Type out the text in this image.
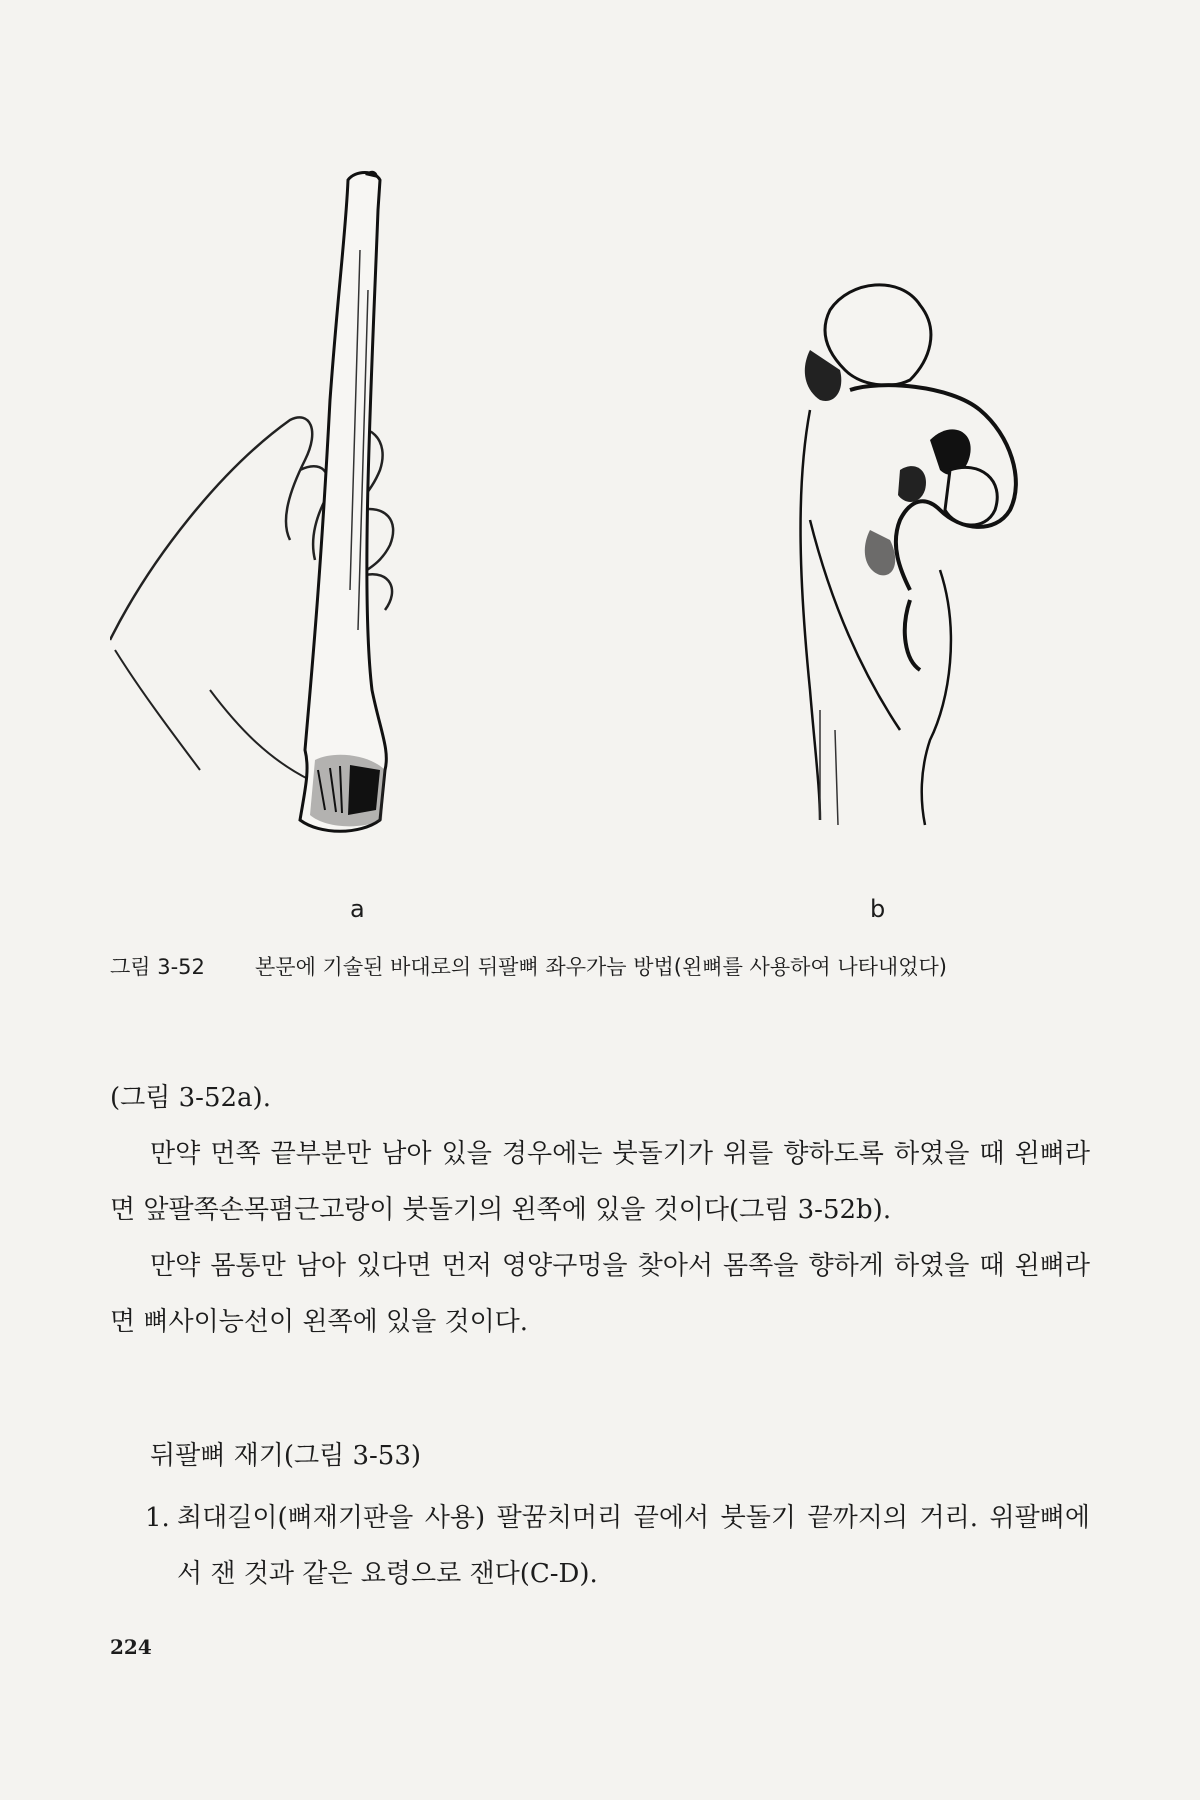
a	b
그림 3-52	본문에 기술된 바대로의 뒤팔뼈 좌우가늠 방법(왼뼈를 사용하여 나타내었다)

(그림 3-52a).

만약 먼쪽 끝부분만 남아 있을 경우에는 붓돌기가 위를 향하도록 하였을 때 왼뼈라면 앞팔쪽손목폄근고랑이 붓돌기의 왼쪽에 있을 것이다(그림 3-52b).

만약 몸통만 남아 있다면 먼저 영양구멍을 찾아서 몸쪽을 향하게 하였을 때 왼뼈라면 뼈사이능선이 왼쪽에 있을 것이다.

뒤팔뼈 재기(그림 3-53)
1. 최대길이(뼈재기판을 사용) 팔꿈치머리 끝에서 붓돌기 끝까지의 거리. 위팔뼈에서 잰 것과 같은 요령으로 잰다(C-D).
224
